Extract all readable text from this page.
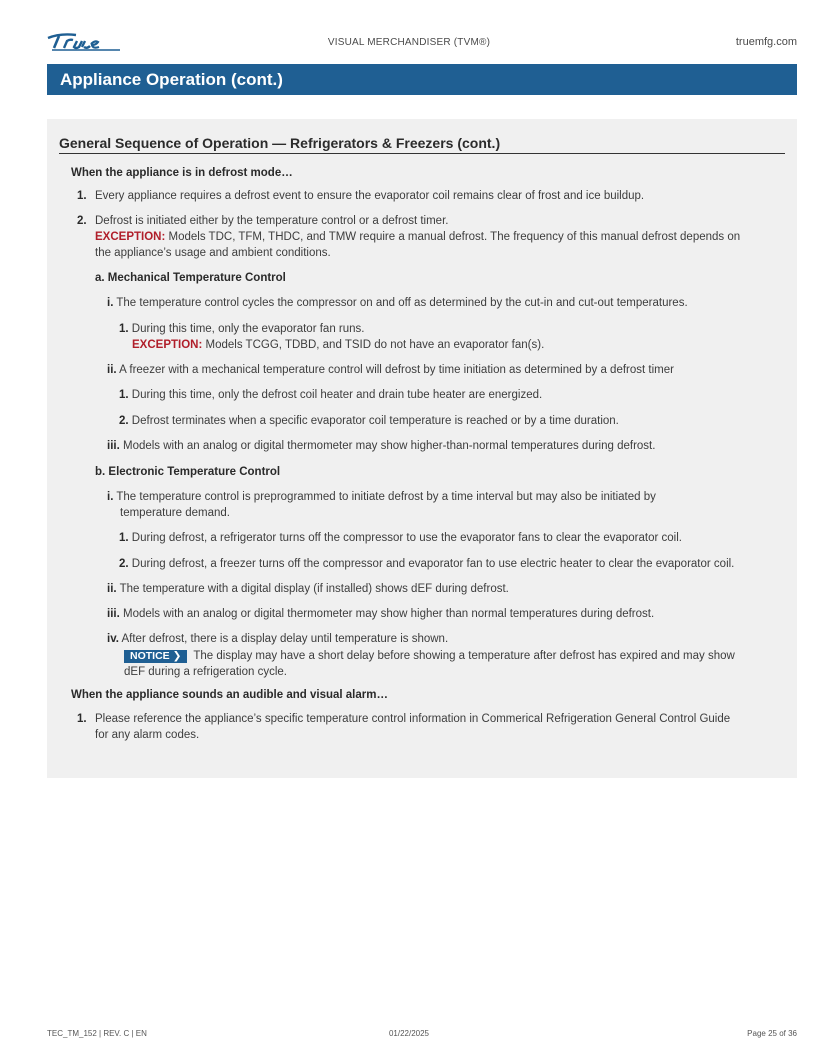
VISUAL MERCHANDISER (TVM®)	truemfg.com
Appliance Operation (cont.)
General Sequence of Operation — Refrigerators & Freezers (cont.)
When the appliance is in defrost mode…
1. Every appliance requires a defrost event to ensure the evaporator coil remains clear of frost and ice buildup.
2. Defrost is initiated either by the temperature control or a defrost timer.
EXCEPTION: Models TDC, TFM, THDC, and TMW require a manual defrost. The frequency of this manual defrost depends on
the appliance’s usage and ambient conditions.
a. Mechanical Temperature Control
i. The temperature control cycles the compressor on and off as determined by the cut-in and cut-out temperatures.
1. During this time, only the evaporator fan runs.
EXCEPTION: Models TCGG, TDBD, and TSID do not have an evaporator fan(s).
ii. A freezer with a mechanical temperature control will defrost by time initiation as determined by a defrost timer
1. During this time, only the defrost coil heater and drain tube heater are energized.
2. Defrost terminates when a specific evaporator coil temperature is reached or by a time duration.
iii. Models with an analog or digital thermometer may show higher-than-normal temperatures during defrost.
b. Electronic Temperature Control
i. The temperature control is preprogrammed to initiate defrost by a time interval but may also be initiated by
temperature demand.
1. During defrost, a refrigerator turns off the compressor to use the evaporator fans to clear the evaporator coil.
2. During defrost, a freezer turns off the compressor and evaporator fan to use electric heater to clear the evaporator coil.
ii. The temperature with a digital display (if installed) shows dEF during defrost.
iii. Models with an analog or digital thermometer may show higher than normal temperatures during defrost.
iv. After defrost, there is a display delay until temperature is shown.
NOTICE ❯ The display may have a short delay before showing a temperature after defrost has expired and may show
dEF during a refrigeration cycle.
When the appliance sounds an audible and visual alarm…
1. Please reference the appliance’s specific temperature control information in Commerical Refrigeration General Control Guide
for any alarm codes.
TEC_TM_152 | REV. C | EN	01/22/2025	Page 25 of 36
